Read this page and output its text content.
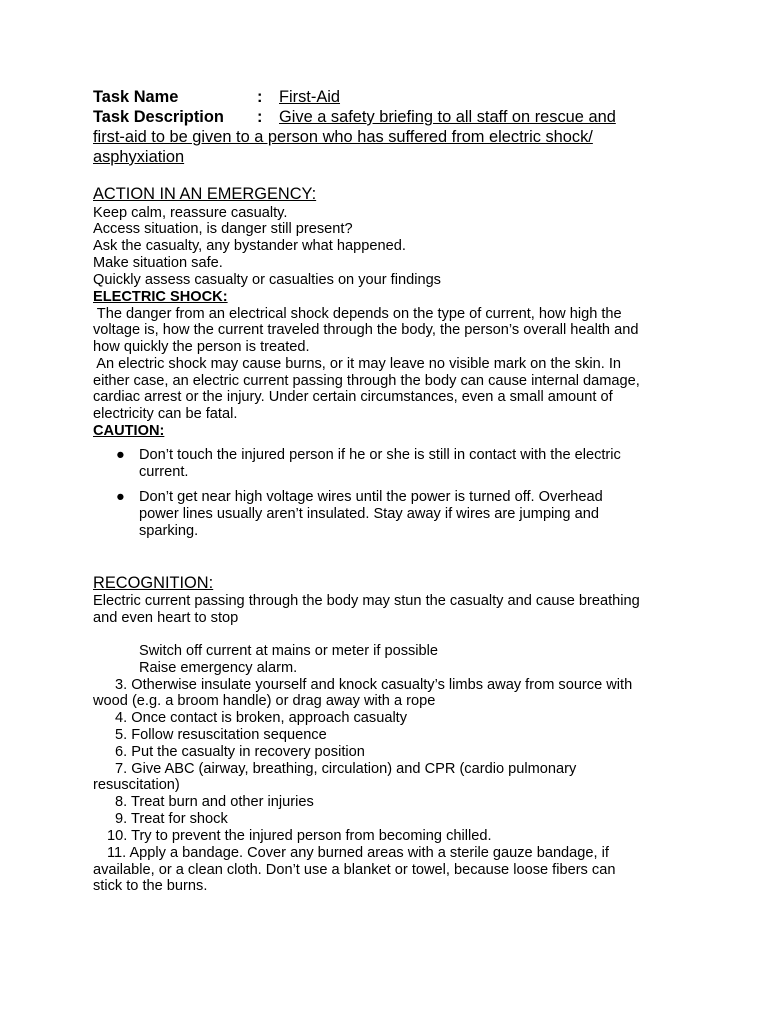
Task Name	: First-Aid
Task Description : Give a safety briefing to all staff on rescue and
first-aid to be given to a person who has suffered from electric shock/
asphyxiation
ACTION IN AN EMERGENCY:
Keep calm, reassure casualty.
Access situation, is danger still present?
Ask the casualty, any bystander what happened.
Make situation safe.
Quickly assess casualty or casualties on your findings
ELECTRIC SHOCK:
The danger from an electrical shock depends on the type of current, how high the
voltage is, how the current traveled through the body, the person’s overall health and
how quickly the person is treated.
An electric shock may cause burns, or it may leave no visible mark on the skin. In
either case, an electric current passing through the body can cause internal damage,
cardiac arrest or the injury. Under certain circumstances, even a small amount of
electricity can be fatal.
CAUTION:
● Don’t touch the injured person if he or she is still in contact with the electric
current.
● Don’t get near high voltage wires until the power is turned off. Overhead
power lines usually aren’t insulated. Stay away if wires are jumping and
sparking.
RECOGNITION:
Electric current passing through the body may stun the casualty and cause breathing
and even heart to stop
Switch off current at mains or meter if possible
Raise emergency alarm.
3. Otherwise insulate yourself and knock casualty’s limbs away from source with
wood (e.g. a broom handle) or drag away with a rope
4. Once contact is broken, approach casualty
5. Follow resuscitation sequence
6. Put the casualty in recovery position
7. Give ABC (airway, breathing, circulation) and CPR (cardio pulmonary
resuscitation)
8. Treat burn and other injuries
9. Treat for shock
10. Try to prevent the injured person from becoming chilled.
11. Apply a bandage. Cover any burned areas with a sterile gauze bandage, if
available, or a clean cloth. Don’t use a blanket or towel, because loose fibers can
stick to the burns.
